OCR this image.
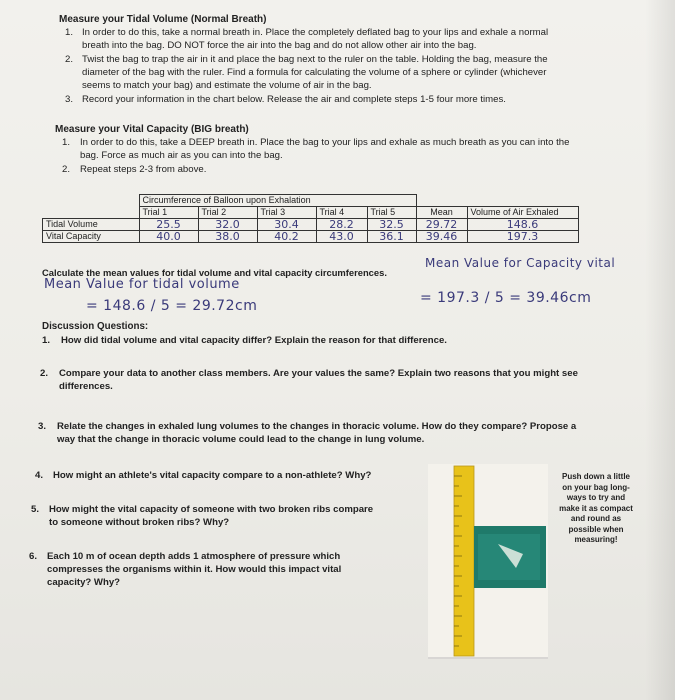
Measure your Tidal Volume (Normal Breath)
1. In order to do this, take a normal breath in. Place the completely deflated bag to your lips and exhale a normal
breath into the bag. DO NOT force the air into the bag and do not allow other air into the bag.
2. Twist the bag to trap the air in it and place the bag next to the ruler on the table. Holding the bag, measure the
diameter of the bag with the ruler. Find a formula for calculating the volume of a sphere or cylinder (whichever
seems to match your bag) and estimate the volume of air in the bag.
3. Record your information in the chart below. Release the air and complete steps 1-5 four more times.
Measure your Vital Capacity (BIG breath)
1. In order to do this, take a DEEP breath in. Place the bag to your lips and exhale as much breath as you can into the
bag. Force as much air as you can into the bag.
2. Repeat steps 2-3 from above.
	Circumference of Balloon upon Exhalation						
	Trial 1	Trial 2	Trial 3	Trial 4	Trial 5	Mean	Volume of Air Exhaled
Tidal Volume	25.5	32.0	30.4	28.2	32.5	29.72	148.6
Vital Capacity	40.0	38.0	40.2	43.0	36.1	39.46	197.3
Calculate the mean values for tidal volume and vital capacity circumferences.
Mean Value for tidal volume
= 148.6 / 5 = 29.72cm
Mean Value for Capacity vital
= 197.3 / 5 = 39.46cm
Discussion Questions:
1. How did tidal volume and vital capacity differ? Explain the reason for that difference.
2. Compare your data to another class members. Are your values the same? Explain two reasons that you might see
differences.
3. Relate the changes in exhaled lung volumes to the changes in thoracic volume. How do they compare? Propose a
way that the change in thoracic volume could lead to the change in lung volume.
4. How might an athlete's vital capacity compare to a non-athlete? Why?
5. How might the vital capacity of someone with two broken ribs compare
to someone without broken ribs? Why?
6. Each 10 m of ocean depth adds 1 atmosphere of pressure which
compresses the organisms within it. How would this impact vital
capacity? Why?
Push down a little on your bag long-ways to try and make it as compact and round as possible when measuring!
